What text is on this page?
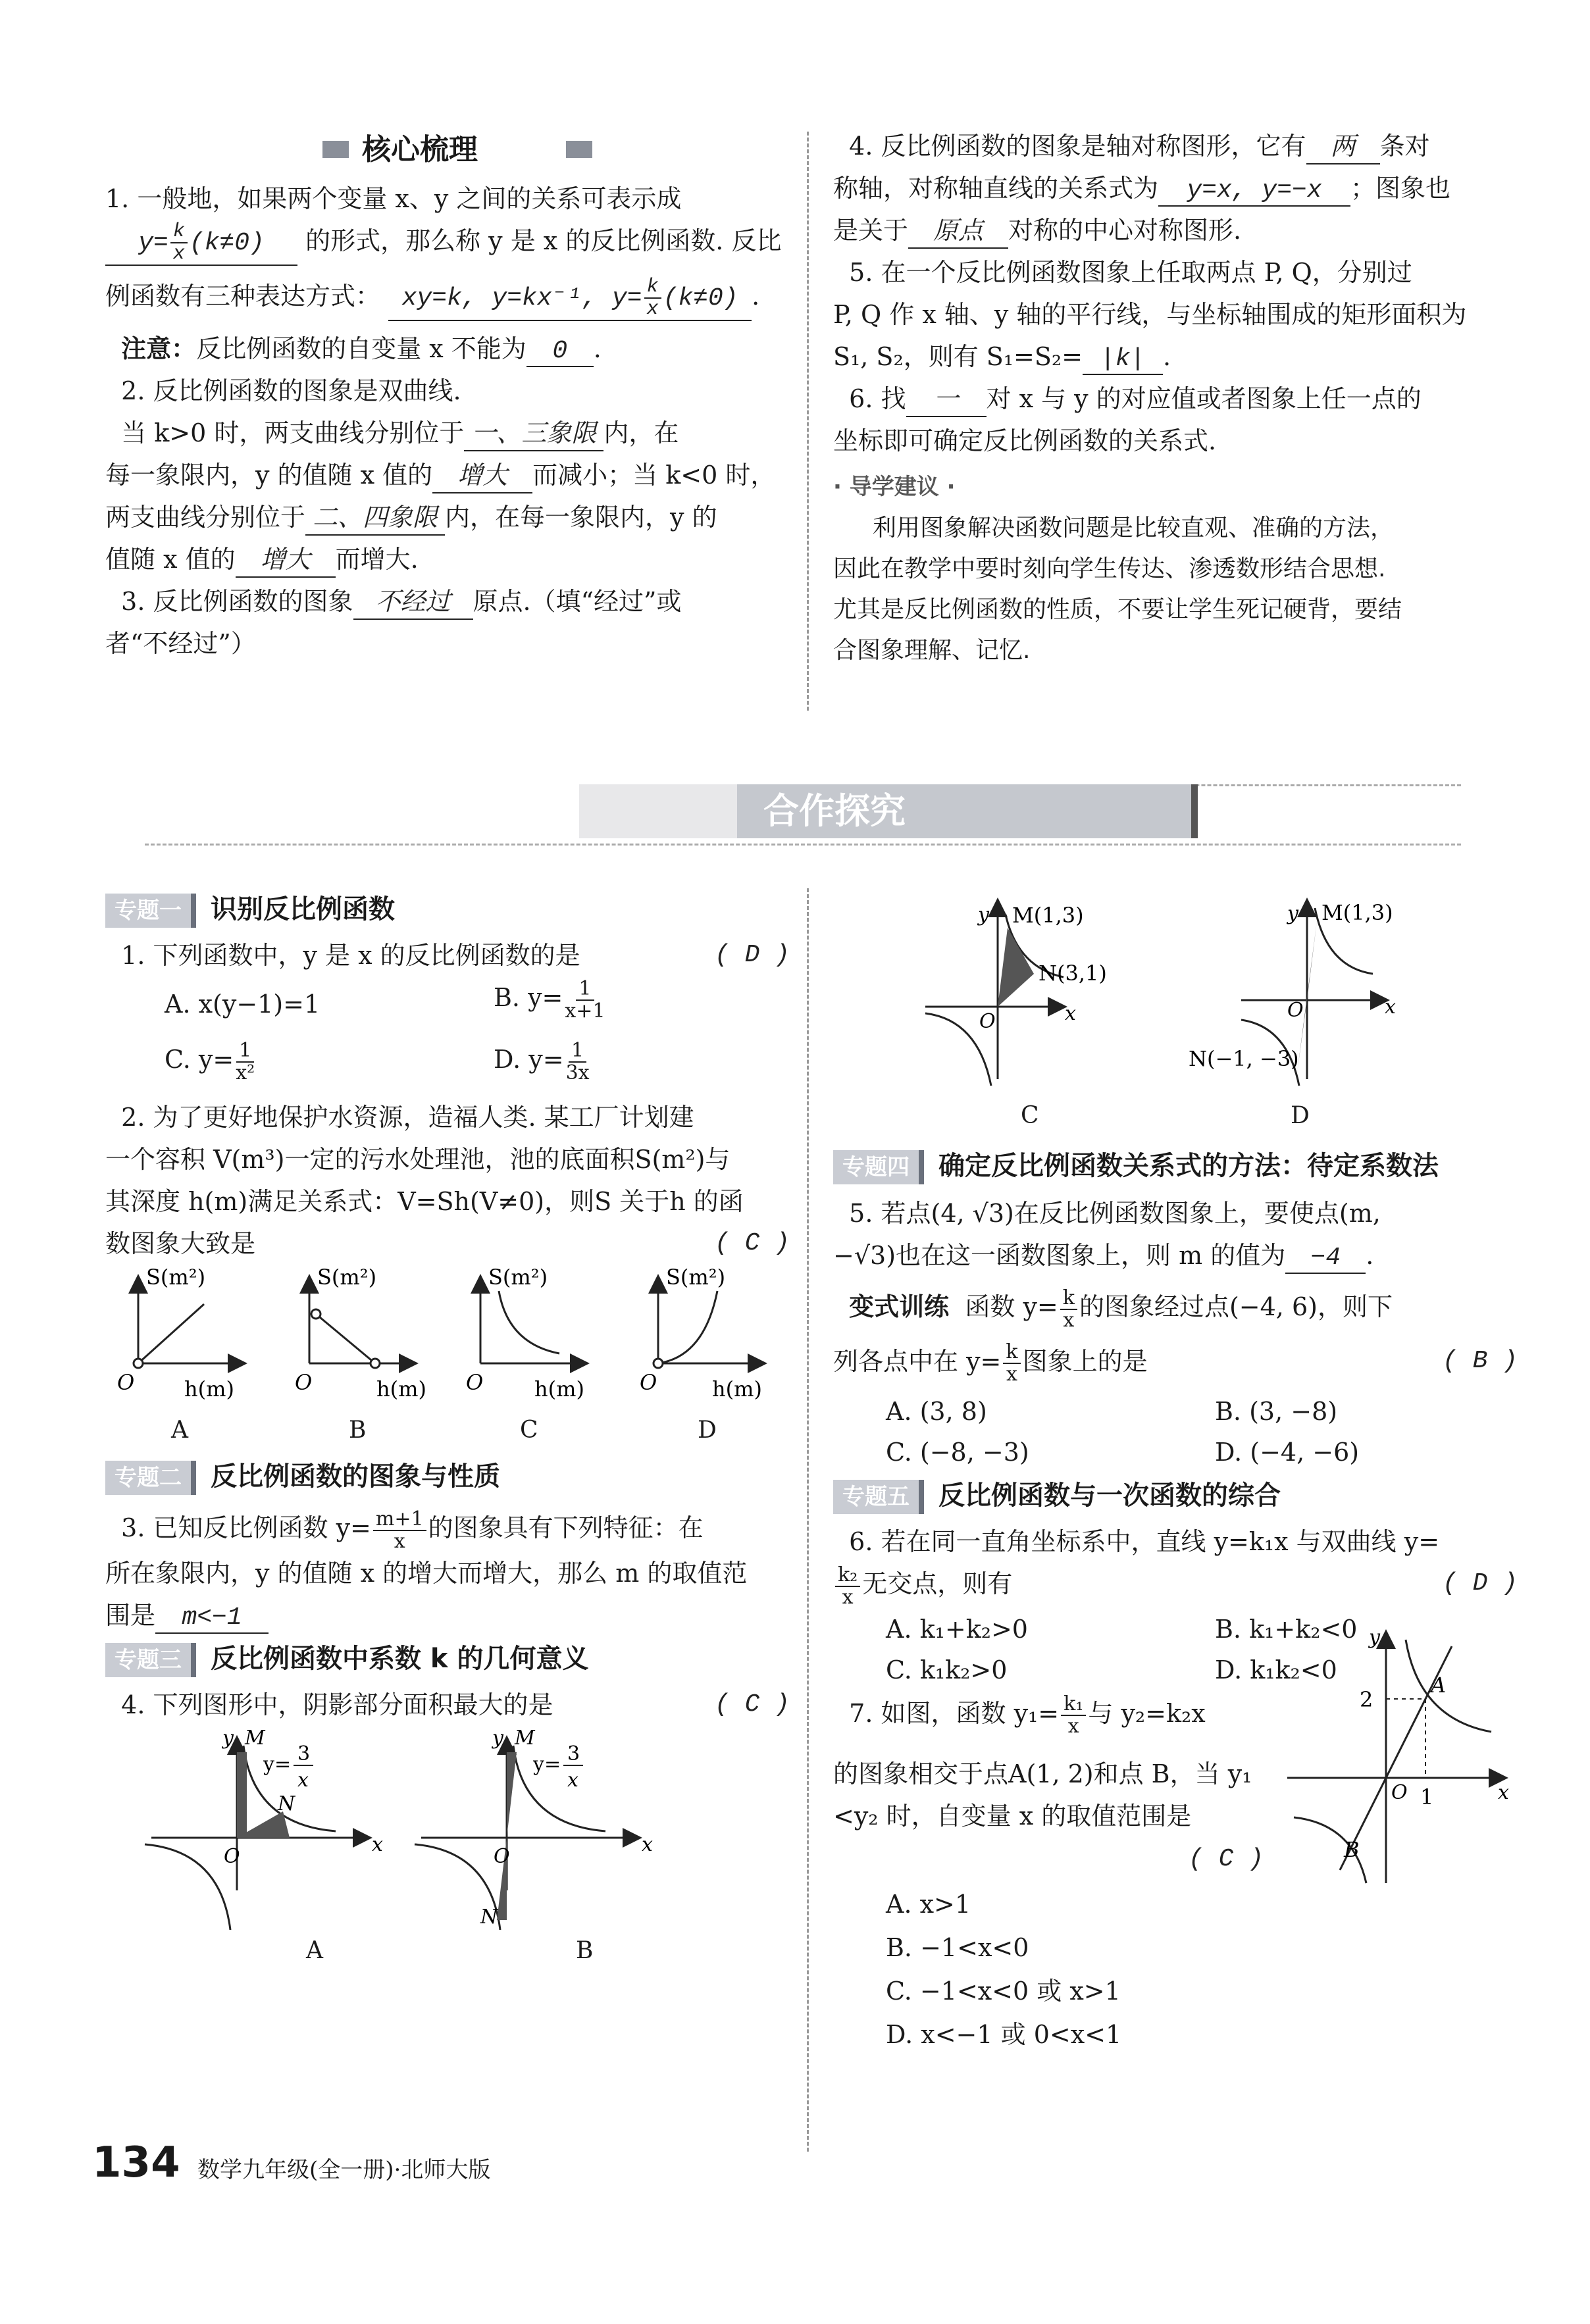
核心梳理

1. 一般地，如果两个变量 x、y 之间的关系可表示成

$y= \frac{k}{x} (k\ne 0)$ 的形式，那么称 y 是 x 的反比例函数. 反比

例函数有三种表达方式： xy=k, y=kx⁻¹, $y= \frac{k}{x} (k\ne 0)$ .

注意：反比例函数的自变量 x 不能为 0 .

2. 反比例函数的图象是双曲线.

当 k>0 时，两支曲线分别位于 一、三象限 内，在

每一象限内，y 的值随 x 值的 增大 而减小；当 k<0 时，

两支曲线分别位于 二、四象限 内，在每一象限内，y 的

值随 x 值的 增大 而增大.

3. 反比例函数的图象 不经过 原点.（填“经过”或

者“不经过”）

4. 反比例函数的图象是轴对称图形，它有 两 条对

称轴，对称轴直线的关系式为 y=x, y=−x ；图象也

是关于 原点 对称的中心对称图形.

5. 在一个反比例函数图象上任取两点 P, Q，分别过

P, Q 作 x 轴、y 轴的平行线，与坐标轴围成的矩形面积为

S₁, S₂，则有 S₁=S₂= |k| .

6. 找 一 对 x 与 y 的对应值或者图象上任一点的

坐标即可确定反比例函数的关系式.

· 导学建议 ·

利用图象解决函数问题是比较直观、准确的方法，

因此在教学中要时刻向学生传达、渗透数形结合思想.

尤其是反比例函数的性质，不要让学生死记硬背，要结

合图象理解、记忆.

合作探究
专题一 识别反比例函数

1. 下列函数中，y 是 x 的反比例函数的是	( D )

A. x(y−1)=1	B. $y= \frac{1}{x+1}$
C. $y= \frac{1}{\text{x²}}$	D. $y= \frac{1}{3x}$

2. 为了更好地保护水资源，造福人类. 某工厂计划建

一个容积 V(m³)一定的污水处理池，池的底面积S(m²)与

其深度 h(m)满足关系式：V=Sh(V≠0)，则S 关于h 的函

数图象大致是	( C )

S(m²)
h(m)
O
S(m²)
h(m)
O
S(m²)
h(m)
O
S(m²)
h(m)
O
A	B	C	D
专题二 反比例函数的图象与性质

3. 已知反比例函数 $y= \frac{m+1}{x}$ 的图象具有下列特征：在

所在象限内，y 的值随 x 的增大而增大，那么 m 的取值范

围是 m<−1

专题三 反比例函数中系数 k 的几何意义

4. 下列图形中，阴影部分面积最大的是	( C )

y M
N
O
x
y= 3
x
y M
N
O
x
y= 3
x
A	B
y M(1,3)
N(3,1)
O	x
y M(1,3)
N(−1, −3)
O	x
C	D
专题四 确定反比例函数关系式的方法：待定系数法

5. 若点(4, √3)在反比例函数图象上，要使点(m,

−√3)也在这一函数图象上，则 m 的值为 −4 .

变式训练 函数 $y= \frac{k}{x}$ 的图象经过点(−4, 6)，则下

列各点中在 $y= \frac{k}{x}$ 图象上的是	( B )

A. (3, 8)	B. (3, −8)
C. (−8, −3)	D. (−4, −6)
专题五 反比例函数与一次函数的综合

6. 若在同一直角坐标系中，直线 y=k₁x 与双曲线 y=

$\frac{\text{k₂}}{x}$ 无交点，则有	( D )

A. k₁+k₂>0	B. k₁+k₂<0
C. k₁k₂>0	D. k₁k₂<0

7. 如图，函数 $y_1= \frac{\text{k₁}}{x}$ 与 y₂=k₂x

的图象相交于点A(1, 2)和点 B，当 y₁

<y₂ 时，自变量 x 的取值范围是

( C )
A. x>1
B. −1<x<0
C. −1<x<0 或 x>1
D. x<−1 或 0<x<1
y
2
A
O 1	x
B
134 数学九年级(全一册)·北师大版
